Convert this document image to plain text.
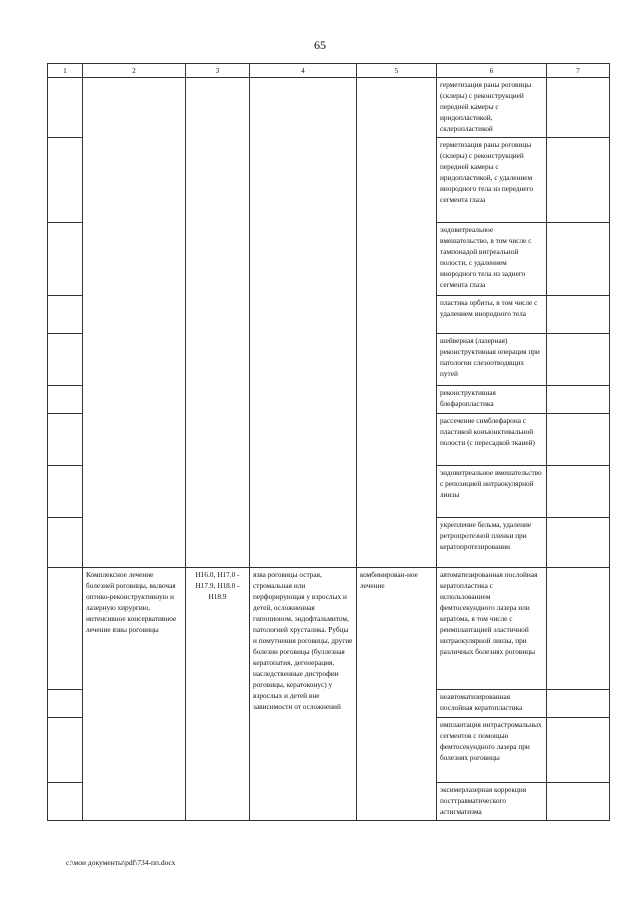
65
1	2	3	4	5	6	7
					герметизация раны роговицы (склеры) с реконструкцией передней камеры с иридопластикой, склеропластикой	
					герметизация раны роговицы (склеры) с реконструкцией передней камеры с иридопластикой, с удалением инородного тела из переднего сегмента глаза	
					эндовитреальное вмешательство, в том числе с тампонадой витреальной полости, с удалением инородного тела из заднего сегмента глаза	
					пластика орбиты, в том числе с удалением инородного тела	
					шейверная (лазерная) реконструктивная операция при патологии слезоотводящих путей	
					реконструктивная блефаропластика	
					рассечение симблефарона с пластикой конъюнктивальной полости (с пересадкой тканей)	
					эндовитреальное вмешательство с репозицией интраокулярной линзы	
					укрепление бельма, удаление ретропротезной пленки при кератопротезировании	
	Комплексное лечение болезней роговицы, включая оптико-реконструктивную и лазерную хирургию, интенсивное консервативное лечение язвы роговицы	H16.0, H17.0 - H17.9, H18.0 - H18.9	язва роговицы острая, стромальная или перфорирующая у взрослых и детей, осложненная гипопионом, эндофтальмитом, патологией хрусталика. Рубцы и помутнения роговицы, другие болезни роговицы (буллезная кератопатия, дегенерация, наследственные дистрофии роговицы, кератоконус) у взрослых и детей вне зависимости от осложнений	комбинирован-ное лечение	автоматизированная послойная кератопластика с использованием фемтосекундного лазера или кератома, в том числе с реимплантацией эластичной интраокулярной линзы, при различных болезнях роговицы	
					неавтоматизированная послойная кератопластика	
					имплантация интрастромальных сегментов с помощью фемтосекундного лазера при болезнях роговицы	
					эксимерлазерная коррекция посттравматического астигматизма	
c:\мои документы\pdf\734-пп.docx
